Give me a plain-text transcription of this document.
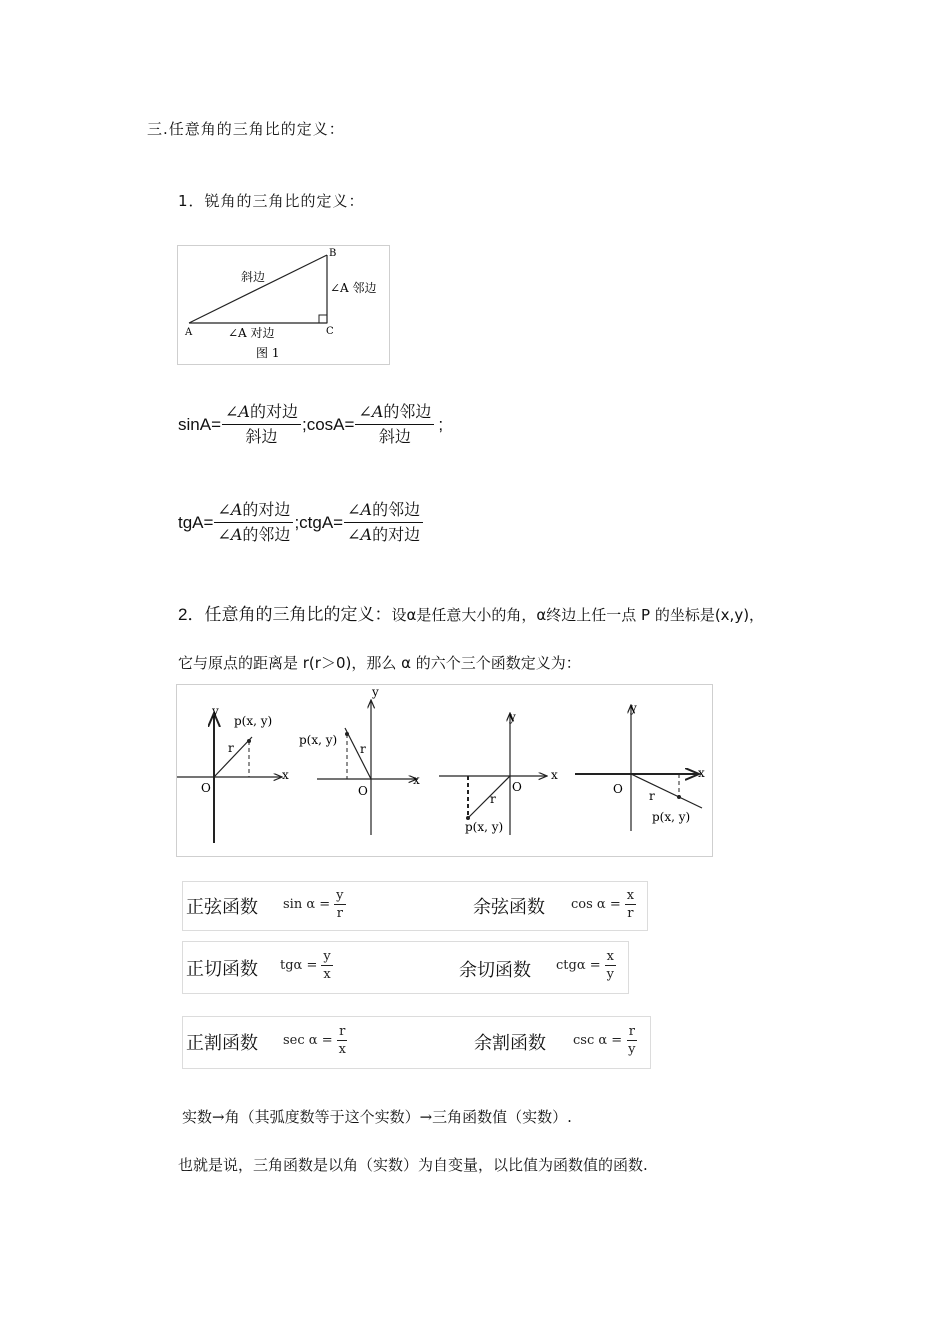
三.任意角的三角比的定义：
1．锐角的三角比的定义：
B
A	C
斜边
∠A 邻边
∠A 对边
图 1
$\sin A= \frac{\text{∠A的对边}}{\text{斜边}}$ ;cosA= $\frac{\text{∠A的邻边}}{\text{斜边}}$ ;
$tgA= \frac{\text{∠A的对边}}{\text{∠A的邻边}}$ ;ctgA= $\frac{\text{∠A的邻边}}{\text{∠A的对边}}$
2．任意角的三角比的定义：设α是任意大小的角，α终边上任一点 P 的坐标是(x,y)，
它与原点的距离是 r(r＞0)，那么 α 的六个三个函数定义为：
y
x
O
r
p(x, y)
y
x
O
r
p(x, y)
y
x
O
r
p(x, y)
y
x
O r
p(x, y)
正弦函数 $\sin \alpha = \frac{y}{r}$	余弦函数 $\cos \alpha = \frac{x}{r}$
正切函数 $tg\alpha = \frac{y}{x}$	余切函数 $ctg\alpha = \frac{x}{y}$
正割函数 $\sec \alpha = \frac{r}{x}$	余割函数 $\csc \alpha = \frac{r}{y}$
实数→角（其弧度数等于这个实数）→三角函数值（实数）.
也就是说，三角函数是以角（实数）为自变量，以比值为函数值的函数.
